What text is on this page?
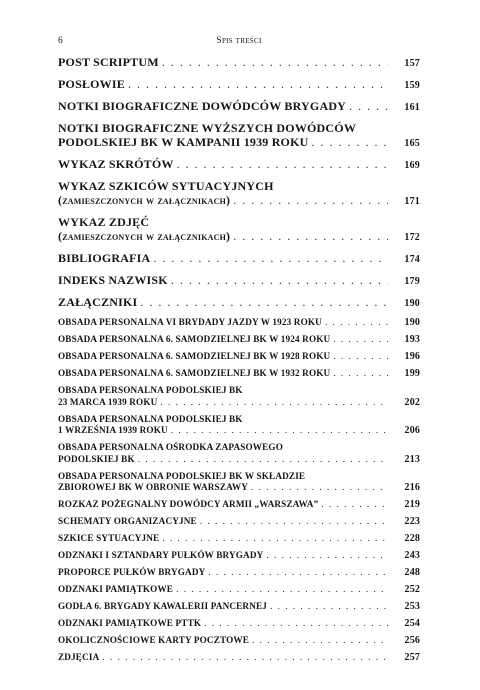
6	Spis treści
POST SCRIPTUM . . .	157
POSŁOWIE . . .	159
NOTKI BIOGRAFICZNE DOWÓDCÓW BRYGADY . . .	161
NOTKI BIOGRAFICZNE WYŻSZYCH DOWÓDCÓW
PODOLSKIEJ BK W KAMPANII 1939 ROKU . . .	165
WYKAZ SKRÓTÓW . . .	169
WYKAZ SZKICÓW SYTUACYJNYCH
(zamieszczonych w załącznikach) . . .	171
WYKAZ ZDJĘĆ
(zamieszczonych w załącznikach) . . .	172
BIBLIOGRAFIA . . .	174
INDEKS NAZWISK . . .	179
ZAŁĄCZNIKI . . .	190
OBSADA PERSONALNA VI BRYDADY JAZDY W 1923 ROKU . . .	190
OBSADA PERSONALNA 6. SAMODZIELNEJ BK W 1924 ROKU . . .	193
OBSADA PERSONALNA 6. SAMODZIELNEJ BK W 1928 ROKU . . .	196
OBSADA PERSONALNA 6. SAMODZIELNEJ BK W 1932 ROKU . . .	199
OBSADA PERSONALNA PODOLSKIEJ BK
23 MARCA 1939 ROKU . . .	202
OBSADA PERSONALNA PODOLSKIEJ BK
1 WRZEŚNIA 1939 ROKU . . .	206
OBSADA PERSONALNA OŚRODKA ZAPASOWEGO
PODOLSKIEJ BK . . .	213
OBSADA PERSONALNA PODOLSKIEJ BK W SKŁADZIE
ZBIOROWEJ BK W OBRONIE WARSZAWY . . .	216
ROZKAZ POŻEGNALNY DOWÓDCY ARMII „WARSZAWA” . . .	219
SCHEMATY ORGANIZACYJNE . . .	223
SZKICE SYTUACYJNE . . .	228
ODZNAKI I SZTANDARY PUŁKÓW BRYGADY . . .	243
PROPORCE PUŁKÓW BRYGADY . . .	248
ODZNAKI PAMIĄTKOWE . . .	252
GODŁA 6. BRYGADY KAWALERII PANCERNEJ . . .	253
ODZNAKI PAMIĄTKOWE PTTK . . .	254
OKOLICZNOŚCIOWE KARTY POCZTOWE . . .	256
ZDJĘCIA . . .	257
